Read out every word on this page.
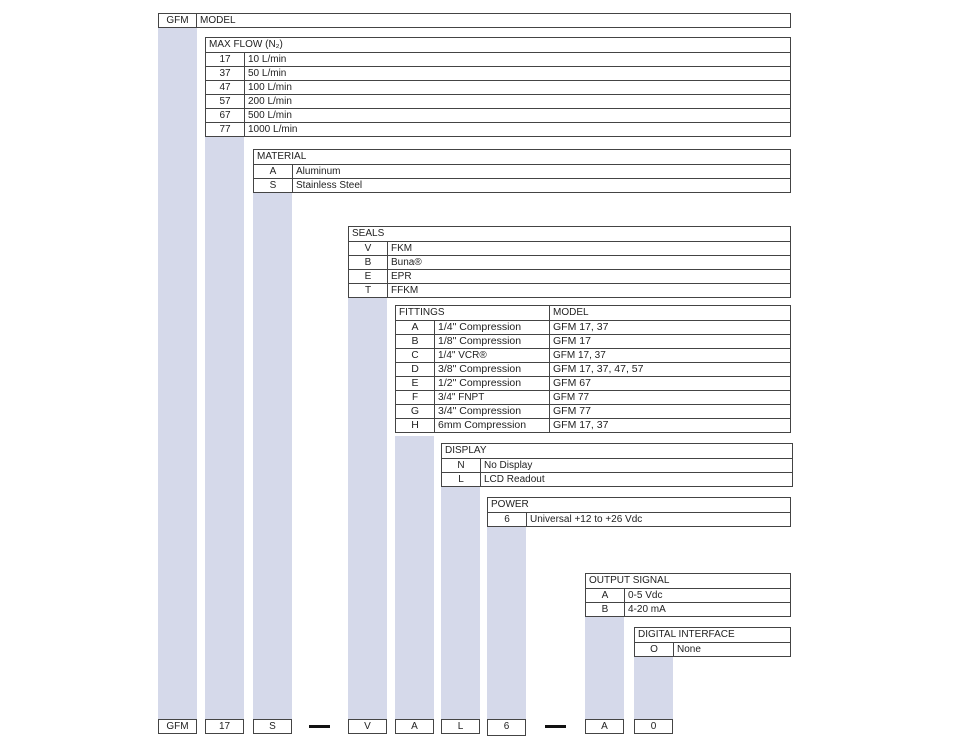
GFM	MODEL
MAX FLOW (N₂)
17	10 L/min
37	50 L/min
47	100 L/min
57	200 L/min
67	500 L/min
77	1000 L/min
MATERIAL
A	Aluminum
S	Stainless Steel
SEALS
V	FKM
B	Buna®
E	EPR
T	FFKM
FITTINGS	MODEL
A	1/4" Compression	GFM 17, 37
B	1/8" Compression	GFM 17
C	1/4" VCR®	GFM 17, 37
D	3/8" Compression	GFM 17, 37, 47, 57
E	1/2" Compression	GFM 67
F	3/4" FNPT	GFM 77
G	3/4" Compression	GFM 77
H	6mm Compression	GFM 17, 37
DISPLAY
N	No Display
L	LCD Readout
POWER
6	Universal +12 to +26 Vdc
OUTPUT SIGNAL
A	0-5 Vdc
B	4-20 mA
DIGITAL INTERFACE
O	None
GFM	17	S	V	A	L	6	A	0
